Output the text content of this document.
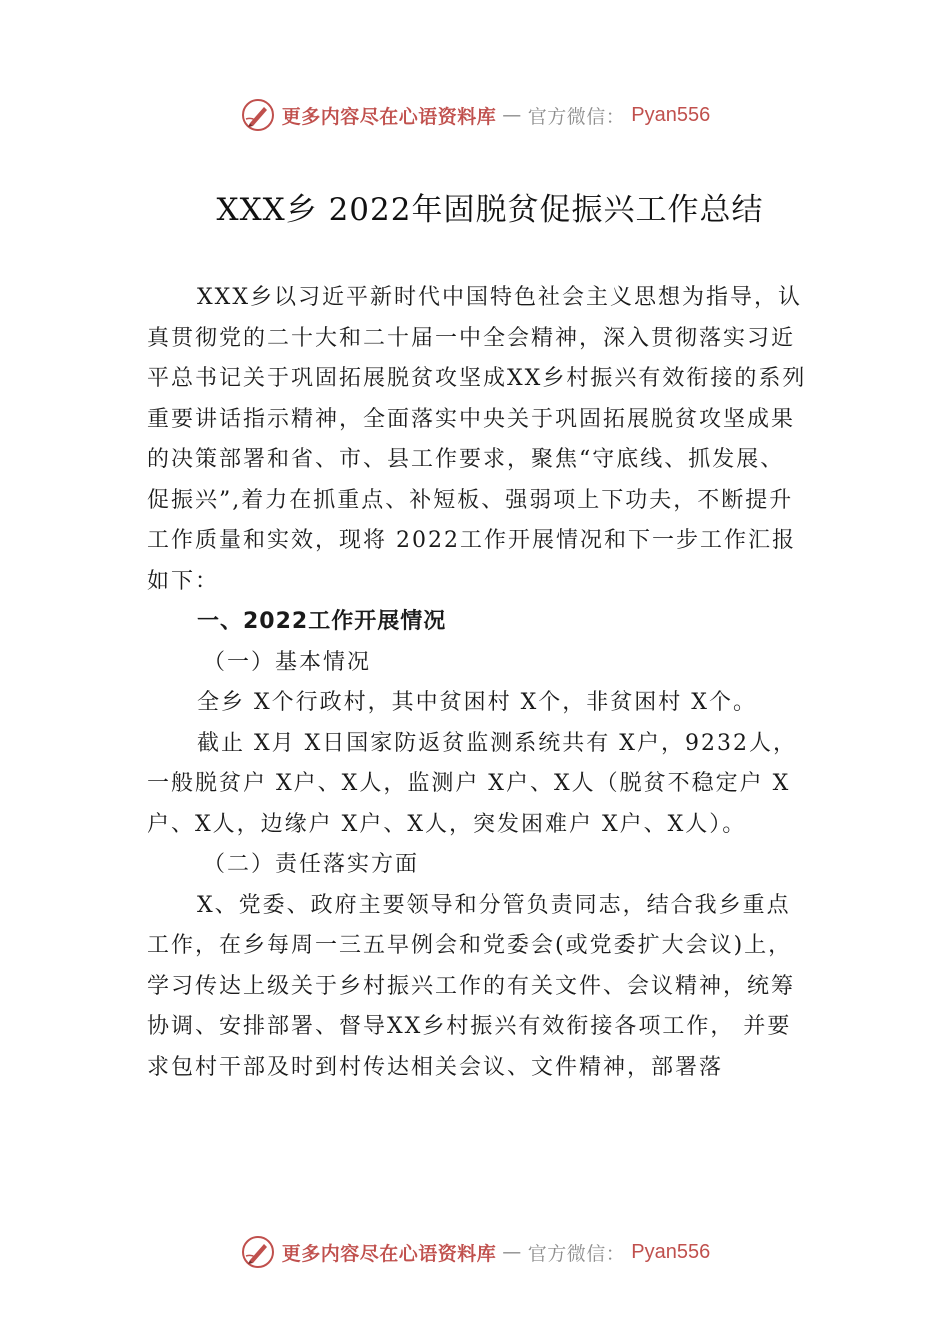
更多内容尽在心语资料库 — 官方微信： Pyan556
XXX乡 2022年固脱贫促振兴工作总结

XXX乡以习近平新时代中国特色社会主义思想为指导，认真贯彻党的二十大和二十届一中全会精神，深入贯彻落实习近平总书记关于巩固拓展脱贫攻坚成XX乡村振兴有效衔接的系列重要讲话指示精神，全面落实中央关于巩固拓展脱贫攻坚成果的决策部署和省、市、县工作要求，聚焦“守底线、抓发展、促振兴”,着力在抓重点、补短板、强弱项上下功夫，不断提升工作质量和实效，现将 2022工作开展情况和下一步工作汇报如下：

一、2022工作开展情况

（一）基本情况

全乡 X个行政村，其中贫困村 X个，非贫困村 X个。

截止 X月 X日国家防返贫监测系统共有 X户，9232人，一般脱贫户 X户、X人，监测户 X户、X人（脱贫不稳定户 X户、X人，边缘户 X户、X人，突发困难户 X户、X人）。

（二）责任落实方面

X、党委、政府主要领导和分管负责同志，结合我乡重点工作，在乡每周一三五早例会和党委会(或党委扩大会议)上，学习传达上级关于乡村振兴工作的有关文件、会议精神，统筹协调、安排部署、督导XX乡村振兴有效衔接各项工作， 并要求包村干部及时到村传达相关会议、文件精神，部署落

更多内容尽在心语资料库 — 官方微信： Pyan556
